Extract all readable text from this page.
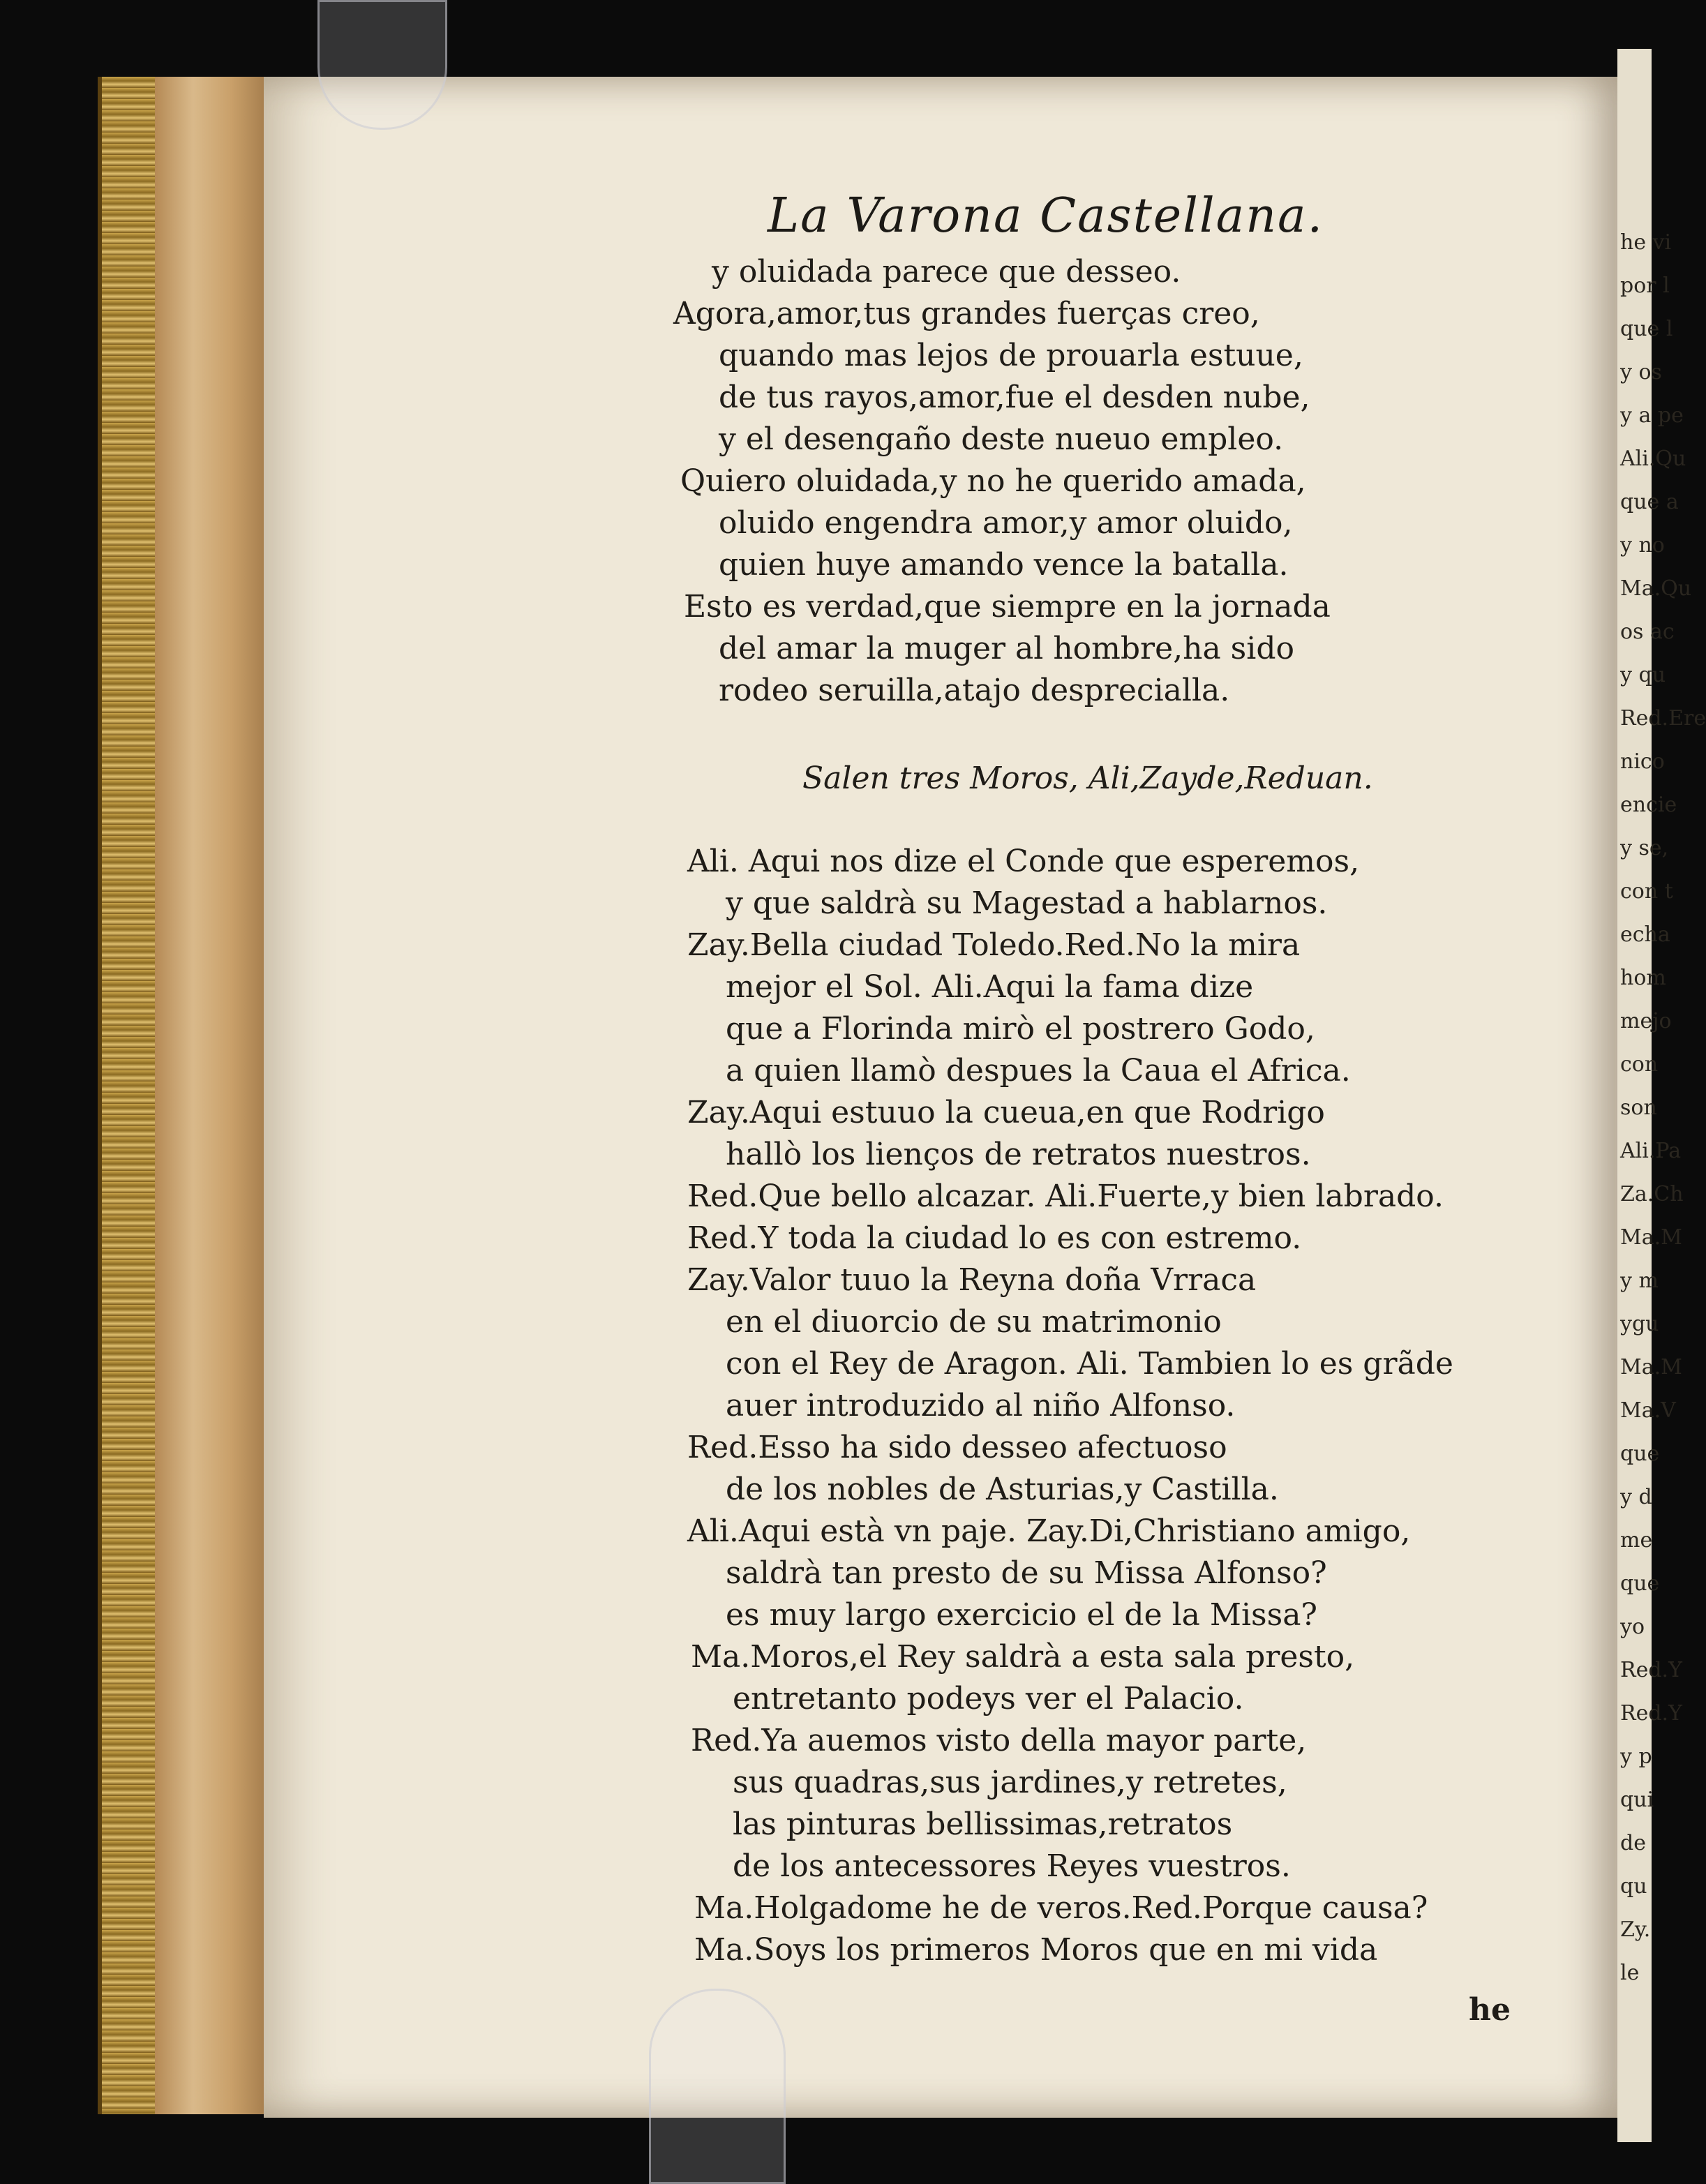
La Varona Castellana.
y oluidada parece que desseo.
Agora,amor,tus grandes fuerças creo,
quando mas lejos de prouarla estuue,
de tus rayos,amor,fue el desden nube,
y el desengaño deste nueuo empleo.
Quiero oluidada,y no he querido amada,
oluido engendra amor,y amor oluido,
quien huye amando vence la batalla.
Esto es verdad,que siempre en la jornada
del amar la muger al hombre,ha sido
rodeo seruilla,atajo desprecialla.
Salen tres Moros, Ali,Zayde,Reduan.
Ali. Aqui nos dize el Conde que esperemos,
y que saldrà su Magestad a hablarnos.
Zay.Bella ciudad Toledo.Red.No la mira
mejor el Sol. Ali.Aqui la fama dize
que a Florinda mirò el postrero Godo,
a quien llamò despues la Caua el Africa.
Zay.Aqui estuuo la cueua,en que Rodrigo
hallò los lienços de retratos nuestros.
Red.Que bello alcazar. Ali.Fuerte,y bien labrado.
Red.Y toda la ciudad lo es con estremo.
Zay.Valor tuuo la Reyna doña Vrraca
en el diuorcio de su matrimonio
con el Rey de Aragon. Ali. Tambien lo es grãde
auer introduzido al niño Alfonso.
Red.Esso ha sido desseo afectuoso
de los nobles de Asturias,y Castilla.
Ali.Aqui està vn paje. Zay.Di,Christiano amigo,
saldrà tan presto de su Missa Alfonso?
es muy largo exercicio el de la Missa?
Ma.Moros,el Rey saldrà a esta sala presto,
entretanto podeys ver el Palacio.
Red.Ya auemos visto della mayor parte,
sus quadras,sus jardines,y retretes,
las pinturas bellissimas,retratos
de los antecessores Reyes vuestros.
Ma.Holgadome he de veros.Red.Porque causa?
Ma.Soys los primeros Moros que en mi vida
he
he vi
por l
que l
y os
y a pe
Ali.Qu
que a
y no
Ma.Qu
os ac
y qu
Red.Ere
nico
encie
y se,
con t
echa
hom
mejo
con
son
Ali.Pa
Za.Ch
Ma.M
y m
ygu
Ma.M
Ma.V
que
y d
me
que
yo
Red.Y
Red.Y
y p
qui
de
qu
Zy.
le
